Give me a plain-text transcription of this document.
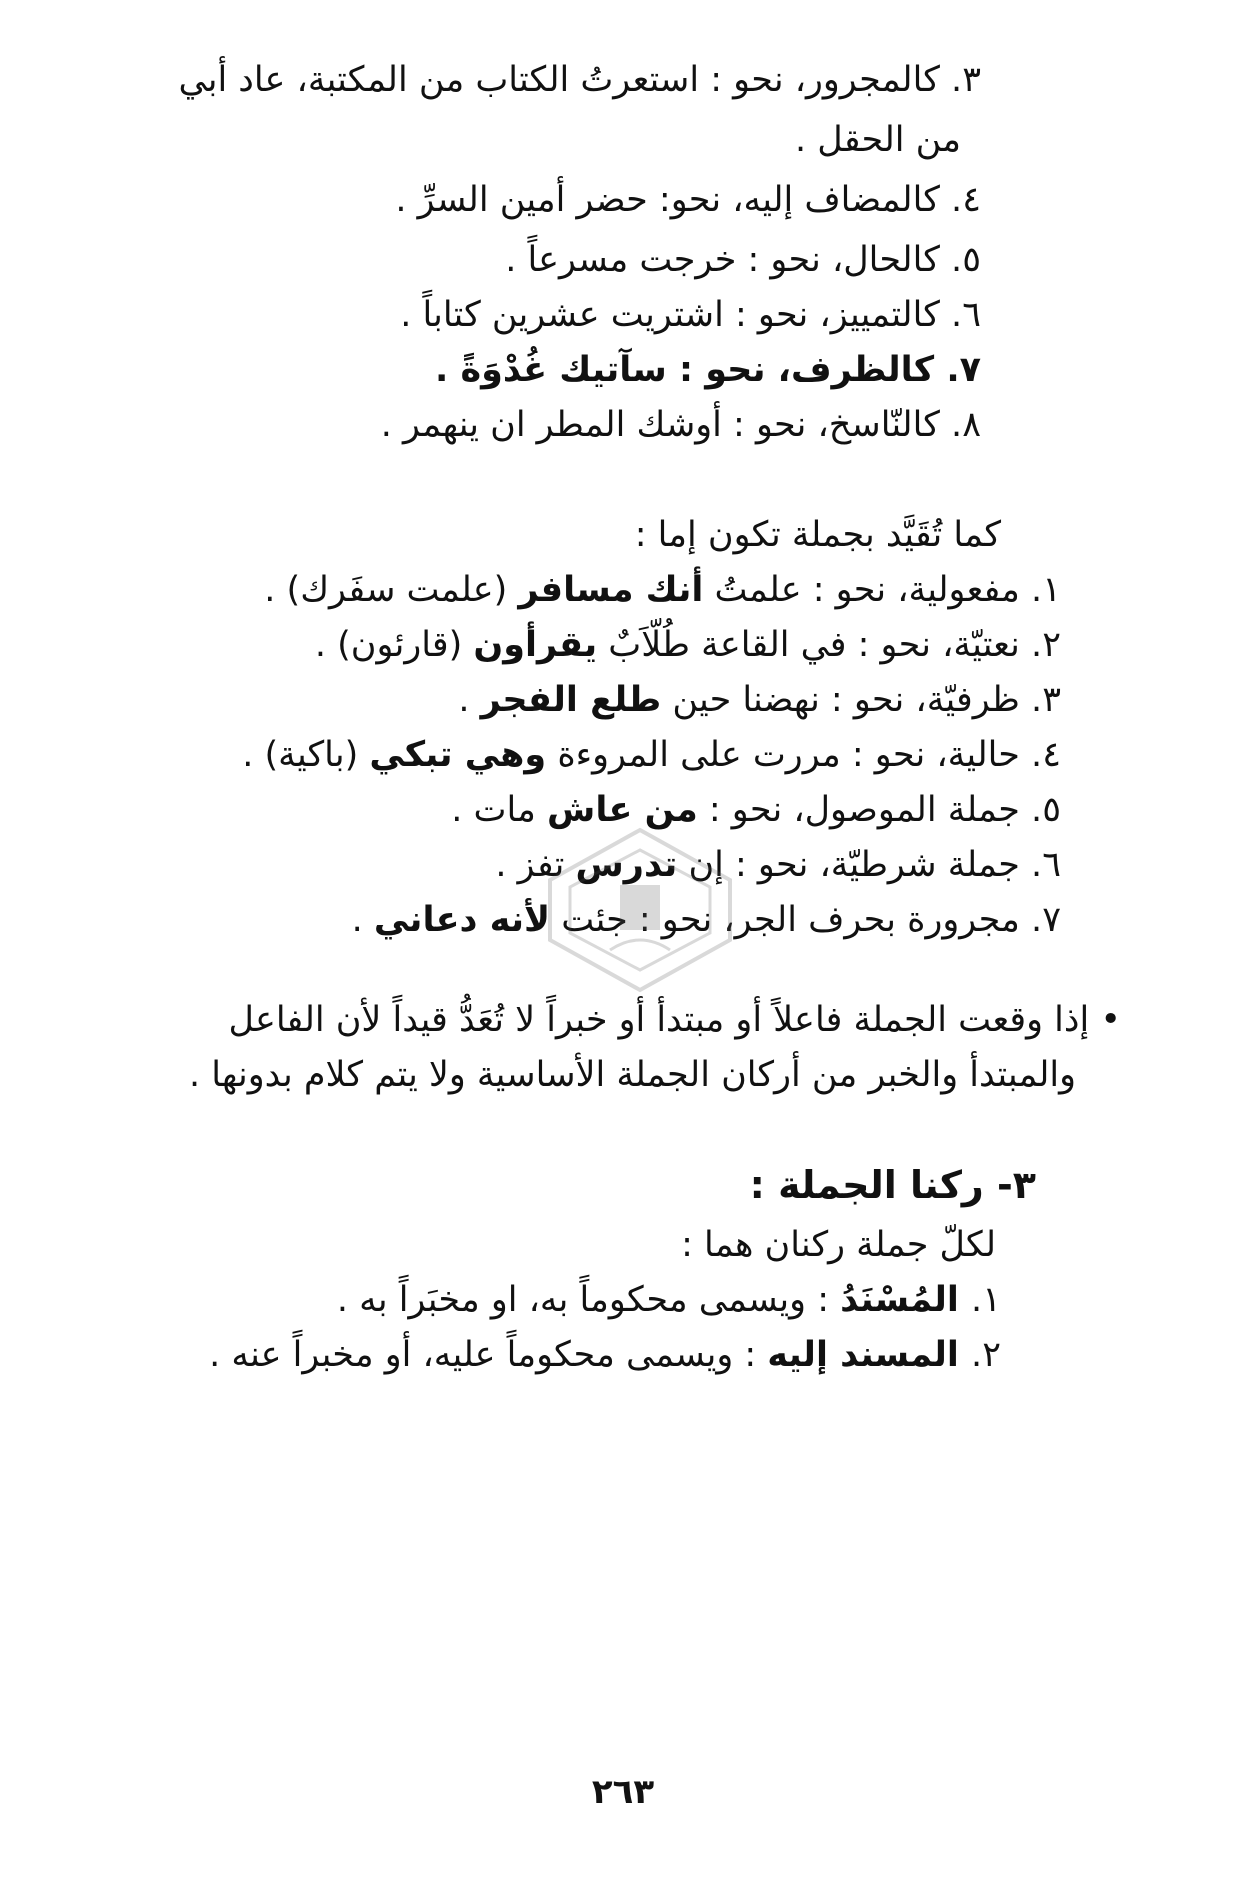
٣. كالمجرور، نحو : استعرتُ الكتاب من المكتبة، عاد أبي
من الحقل .
٤. كالمضاف إليه، نحو: حضر أمين السرِّ .
٥. كالحال، نحو : خرجت مسرعاً .
٦. كالتمييز، نحو : اشتريت عشرين كتاباً .
٧. كالظرف، نحو : سآتيك غُدْوَةً .
٨. كالنّاسخ، نحو : أوشك المطر ان ينهمر .
كما تُقَيَّد بجملة تكون إما :
١. مفعولية، نحو : علمتُ أنك مسافر (علمت سفَرك) .
٢. نعتيّة، نحو : في القاعة طُلّاَبٌ يقرأون (قارئون) .
٣. ظرفيّة، نحو : نهضنا حين طلع الفجر .
٤. حالية، نحو : مررت على المروءة وهي تبكي (باكية) .
٥. جملة الموصول، نحو : من عاش مات .
٦. جملة شرطيّة، نحو : إن تدرس تفز .
٧. مجرورة بحرف الجر، نحو : جئت لأنه دعاني .
• إذا وقعت الجملة فاعلاً أو مبتدأ أو خبراً لا تُعَدُّ قيداً لأن الفاعل
والمبتدأ والخبر من أركان الجملة الأساسية ولا يتم كلام بدونها .
٣- ركنا الجملة :
لكلّ جملة ركنان هما :
١. المُسْنَدُ : ويسمى محكوماً به، او مخبَراً به .
٢. المسند إليه : ويسمى محكوماً عليه، أو مخبراً عنه .
٢٦٣
